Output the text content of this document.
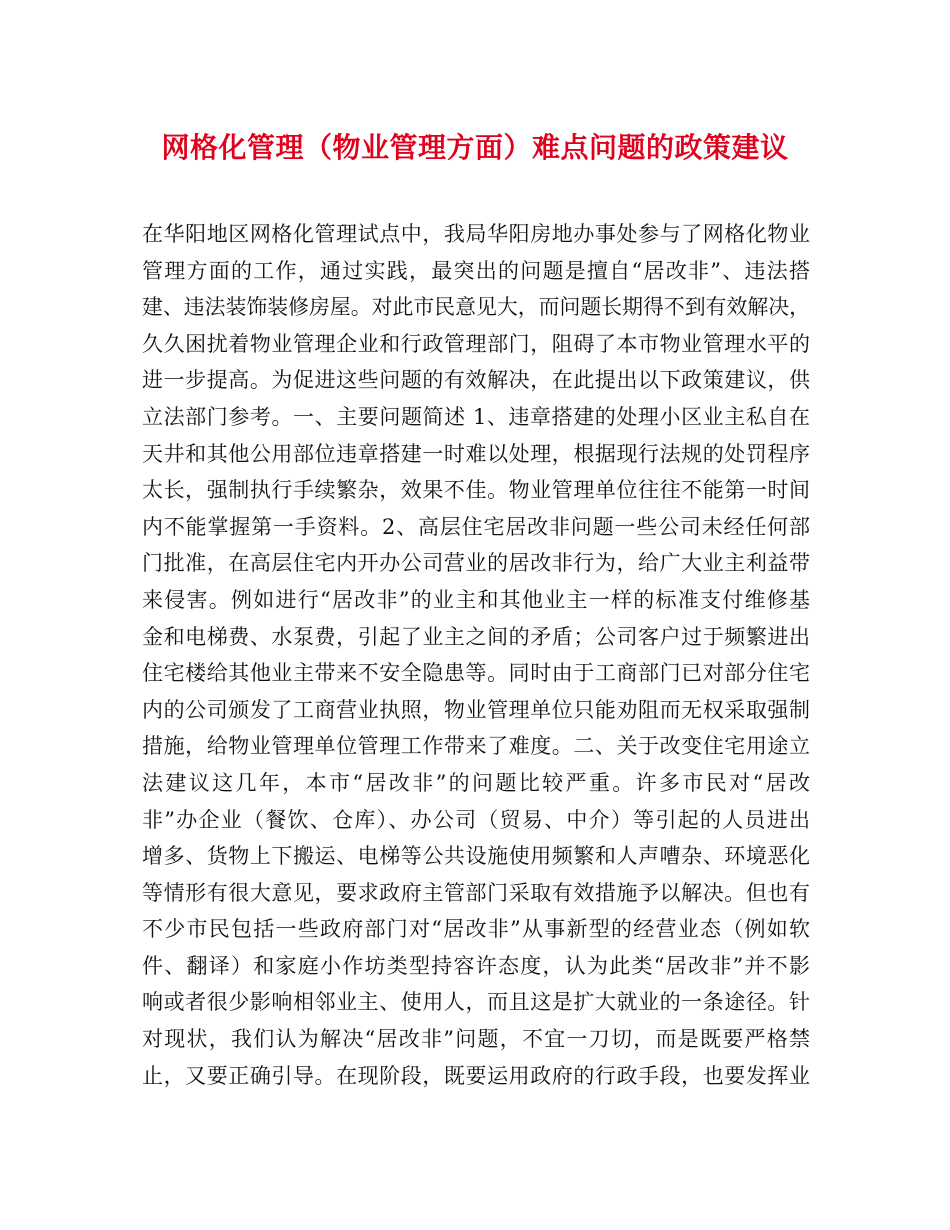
网格化管理（物业管理方面）难点问题的政策建议
在华阳地区网格化管理试点中，我局华阳房地办事处参与了网格化物业
管理方面的工作，通过实践，最突出的问题是擅自“居改非”、违法搭
建、违法装饰装修房屋。对此市民意见大，而问题长期得不到有效解决，
久久困扰着物业管理企业和行政管理部门，阻碍了本市物业管理水平的
进一步提高。为促进这些问题的有效解决，在此提出以下政策建议，供
立法部门参考。一、主要问题简述 1、违章搭建的处理小区业主私自在
天井和其他公用部位违章搭建一时难以处理，根据现行法规的处罚程序
太长，强制执行手续繁杂，效果不佳。物业管理单位往往不能第一时间
内不能掌握第一手资料。2、高层住宅居改非问题一些公司未经任何部
门批准，在高层住宅内开办公司营业的居改非行为，给广大业主利益带
来侵害。例如进行“居改非”的业主和其他业主一样的标准支付维修基
金和电梯费、水泵费，引起了业主之间的矛盾；公司客户过于频繁进出
住宅楼给其他业主带来不安全隐患等。同时由于工商部门已对部分住宅
内的公司颁发了工商营业执照，物业管理单位只能劝阻而无权采取强制
措施，给物业管理单位管理工作带来了难度。二、关于改变住宅用途立
法建议这几年，本市“居改非”的问题比较严重。许多市民对“居改
非”办企业（餐饮、仓库）、办公司（贸易、中介）等引起的人员进出
增多、货物上下搬运、电梯等公共设施使用频繁和人声嘈杂、环境恶化
等情形有很大意见，要求政府主管部门采取有效措施予以解决。但也有
不少市民包括一些政府部门对“居改非”从事新型的经营业态（例如软
件、翻译）和家庭小作坊类型持容许态度，认为此类“居改非”并不影
响或者很少影响相邻业主、使用人，而且这是扩大就业的一条途径。针
对现状，我们认为解决“居改非”问题，不宜一刀切，而是既要严格禁
止，又要正确引导。在现阶段，既要运用政府的行政手段，也要发挥业
